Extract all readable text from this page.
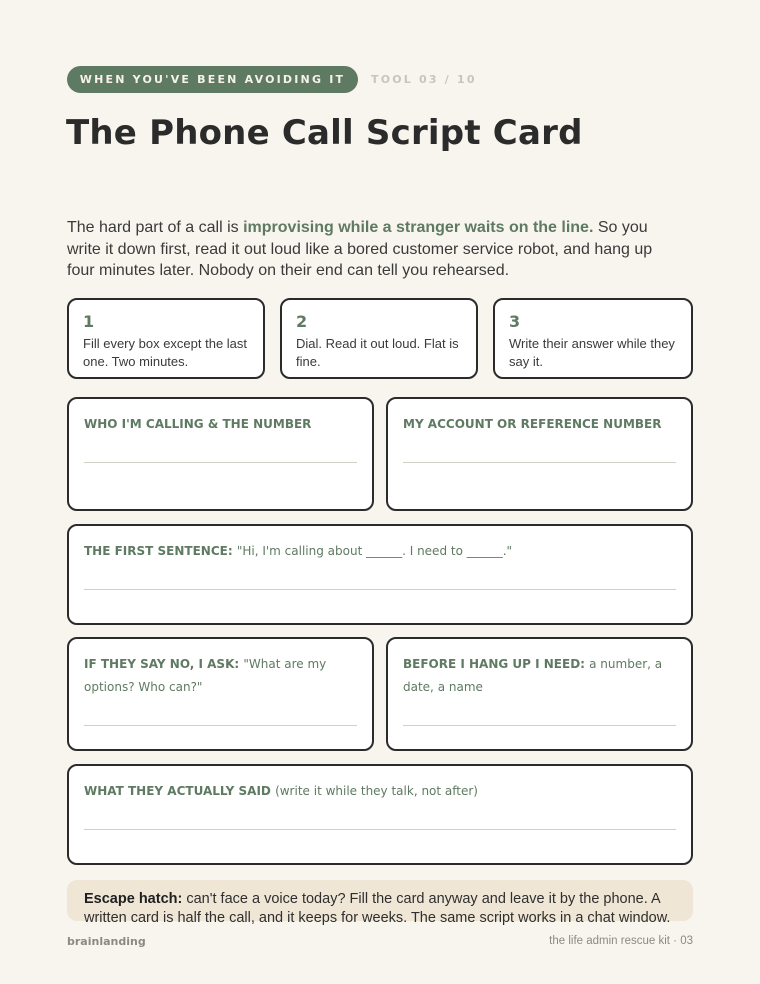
WHEN YOU'VE BEEN AVOIDING IT	TOOL 03 / 10
The Phone Call Script Card

The hard part of a call is improvising while a stranger waits on the line. So you write it down first, read it out loud like a bored customer service robot, and hang up four minutes later. Nobody on their end can tell you rehearsed.

1
Fill every box except the last one. Two minutes.
2
Dial. Read it out loud. Flat is fine.
3
Write their answer while they say it.
WHO I'M CALLING & THE NUMBER	MY ACCOUNT OR REFERENCE NUMBER
THE FIRST SENTENCE: "Hi, I'm calling about ______. I need to ______."
IF THEY SAY NO, I ASK: "What are my options? Who can?"
BEFORE I HANG UP I NEED: a number, a date, a name
WHAT THEY ACTUALLY SAID (write it while they talk, not after)

Escape hatch: can't face a voice today? Fill the card anyway and leave it by the phone. A written card is half the call, and it keeps for weeks. The same script works in a chat window.

brainlanding	the life admin rescue kit · 03
